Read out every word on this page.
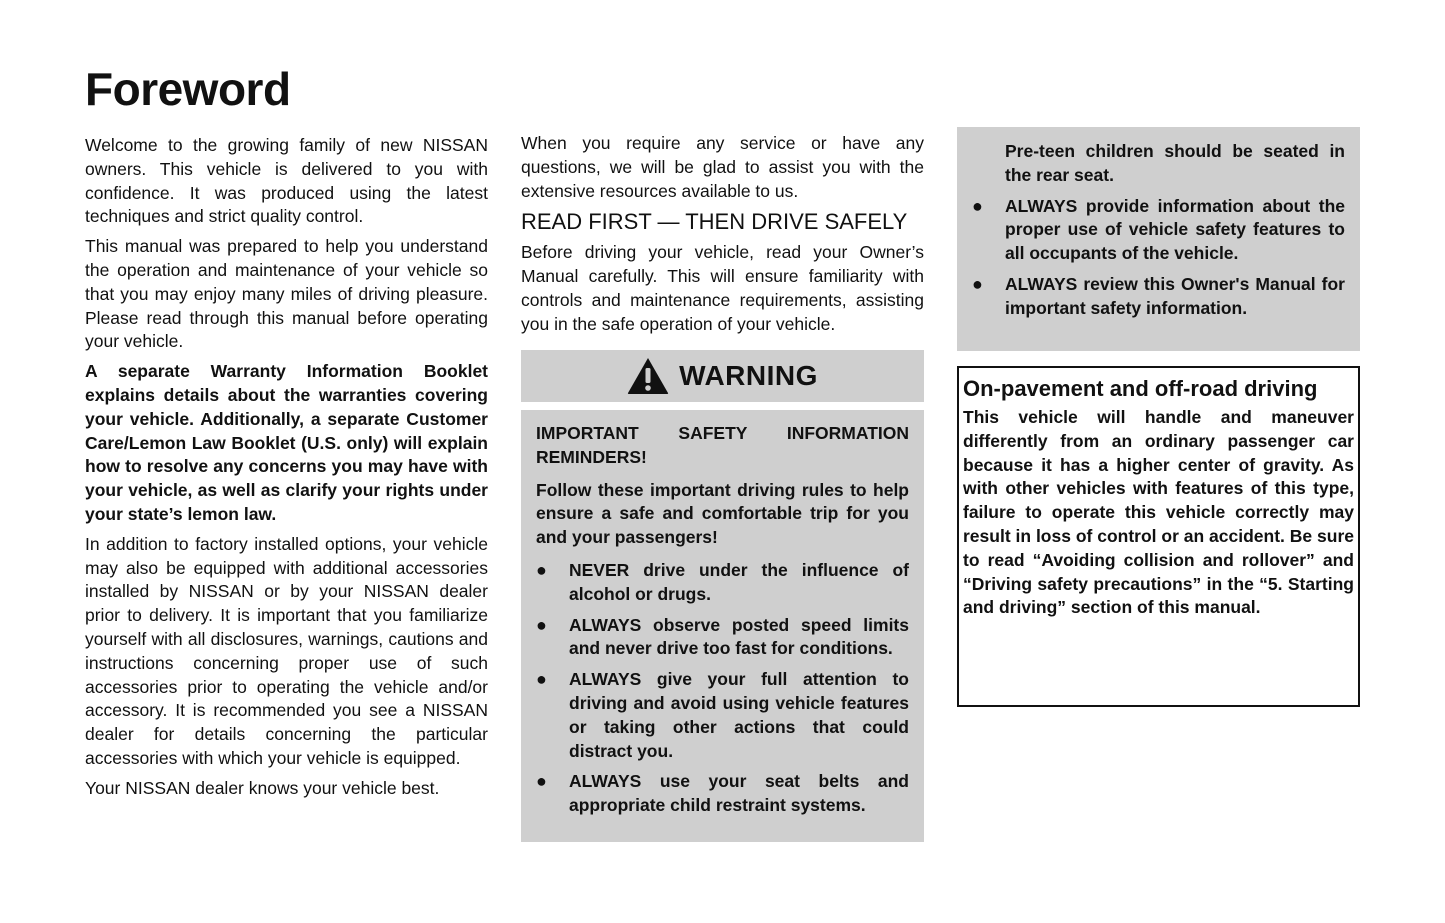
Foreword

Welcome to the growing family of new NISSAN owners. This vehicle is delivered to you with confidence. It was produced using the latest techniques and strict quality control.

This manual was prepared to help you understand the operation and maintenance of your vehicle so that you may enjoy many miles of driving pleasure. Please read through this manual before operating your vehicle.

A separate Warranty Information Booklet explains details about the warranties covering your vehicle. Additionally, a separate Customer Care/Lemon Law Booklet (U.S. only) will explain how to resolve any concerns you may have with your vehicle, as well as clarify your rights under your state’s lemon law.

In addition to factory installed options, your vehicle may also be equipped with additional accessories installed by NISSAN or by your NISSAN dealer prior to delivery. It is important that you familiarize yourself with all disclosures, warnings, cautions and instructions concerning proper use of such accessories prior to operating the vehicle and/or accessory. It is recommended you see a NISSAN dealer for details concerning the particular accessories with which your vehicle is equipped.

Your NISSAN dealer knows your vehicle best.

When you require any service or have any questions, we will be glad to assist you with the extensive resources available to us.

READ FIRST — THEN DRIVE SAFELY

Before driving your vehicle, read your Owner’s Manual carefully. This will ensure familiarity with controls and maintenance requirements, assisting you in the safe operation of your vehicle.

WARNING

IMPORTANT SAFETY INFORMATION REMINDERS!

Follow these important driving rules to help ensure a safe and comfortable trip for you and your passengers!

● NEVER drive under the influence of alcohol or drugs.
● ALWAYS observe posted speed limits and never drive too fast for conditions.
● ALWAYS give your full attention to driving and avoid using vehicle features or taking other actions that could distract you.
● ALWAYS use your seat belts and appropriate child restraint systems.

Pre-teen children should be seated in the rear seat.

● ALWAYS provide information about the proper use of vehicle safety features to all occupants of the vehicle.
● ALWAYS review this Owner's Manual for important safety information.
On-pavement and off-road driving
This vehicle will handle and maneuver differently from an ordinary passenger car because it has a higher center of gravity. As with other vehicles with features of this type, failure to operate this vehicle correctly may result in loss of control or an accident. Be sure to read “Avoiding collision and rollover” and “Driving safety precautions” in the “5. Starting and driving” section of this manual.
